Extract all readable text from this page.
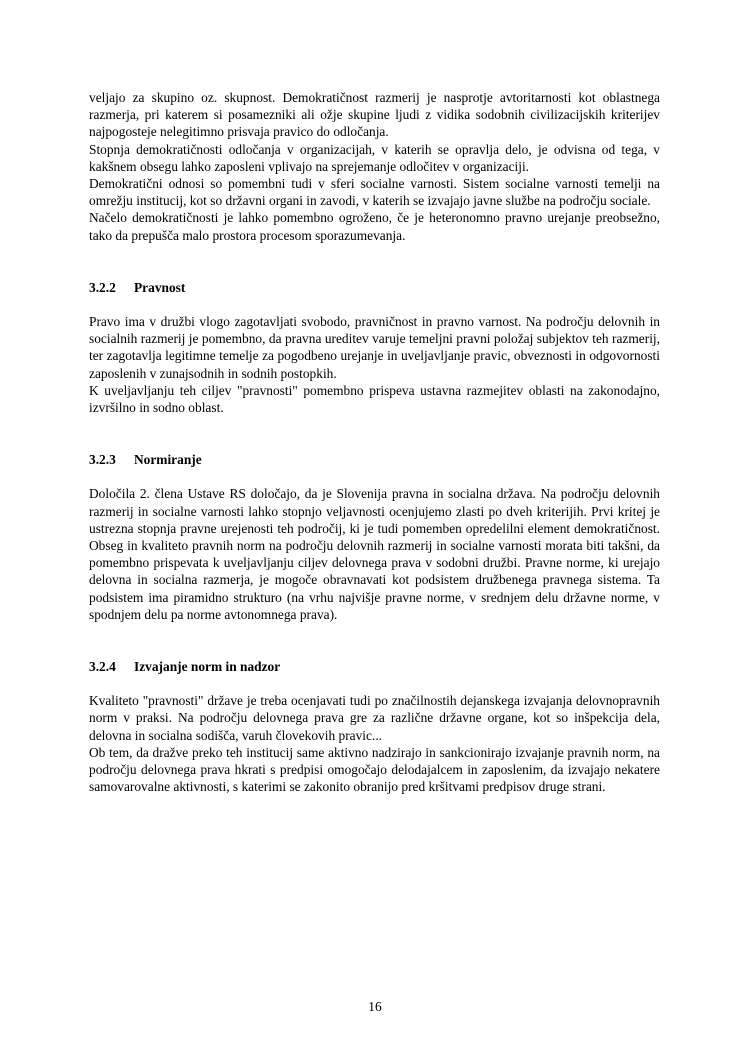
veljajo za skupino oz. skupnost. Demokratičnost razmerij je nasprotje avtoritarnosti kot oblastnega razmerja, pri katerem si posamezniki ali ožje skupine ljudi z vidika sodobnih civilizacijskih kriterijev najpogosteje nelegitimno prisvaja pravico do odločanja.

Stopnja demokratičnosti odločanja v organizacijah, v katerih se opravlja delo, je odvisna od tega, v kakšnem obsegu lahko zaposleni vplivajo na sprejemanje odločitev v organizaciji.

Demokratični odnosi so pomembni tudi v sferi socialne varnosti. Sistem socialne varnosti temelji na omrežju institucij, kot so državni organi in zavodi, v katerih se izvajajo javne službe na področju sociale.

Načelo demokratičnosti je lahko pomembno ogroženo, če je heteronomno pravno urejanje preobsežno, tako da prepušča malo prostora procesom sporazumevanja.

3.2.2	Pravnost

Pravo ima v družbi vlogo zagotavljati svobodo, pravničnost in pravno varnost. Na področju delovnih in socialnih razmerij je pomembno, da pravna ureditev varuje temeljni pravni položaj subjektov teh razmerij, ter zagotavlja legitimne temelje za pogodbeno urejanje in uveljavljanje pravic, obveznosti in odgovornosti zaposlenih v zunajsodnih in sodnih postopkih.

K uveljavljanju teh ciljev "pravnosti" pomembno prispeva ustavna razmejitev oblasti na zakonodajno, izvršilno in sodno oblast.

3.2.3	Normiranje

Določila 2. člena Ustave RS določajo, da je Slovenija pravna in socialna država. Na področju delovnih razmerij in socialne varnosti lahko stopnjo veljavnosti ocenjujemo zlasti po dveh kriterijih. Prvi kritej je ustrezna stopnja pravne urejenosti teh področij, ki je tudi pomemben opredelilni element demokratičnost. Obseg in kvaliteto pravnih norm na področju delovnih razmerij in socialne varnosti morata biti takšni, da pomembno prispevata k uveljavljanju ciljev delovnega prava v sodobni družbi. Pravne norme, ki urejajo delovna in socialna razmerja, je mogoče obravnavati kot podsistem družbenega pravnega sistema. Ta podsistem ima piramidno strukturo (na vrhu najvišje pravne norme, v srednjem delu državne norme, v spodnjem delu pa norme avtonomnega prava).

3.2.4	Izvajanje norm in nadzor

Kvaliteto "pravnosti" države je treba ocenjavati tudi po značilnostih dejanskega izvajanja delovnopravnih norm v praksi. Na področju delovnega prava gre za različne državne organe, kot so inšpekcija dela, delovna in socialna sodišča, varuh človekovih pravic...

Ob tem, da dražve preko teh institucij same aktivno nadzirajo in sankcionirajo izvajanje pravnih norm, na področju delovnega prava hkrati s predpisi omogočajo delodajalcem in zaposlenim, da izvajajo nekatere samovarovalne aktivnosti, s katerimi se zakonito obranijo pred kršitvami predpisov druge strani.

16
